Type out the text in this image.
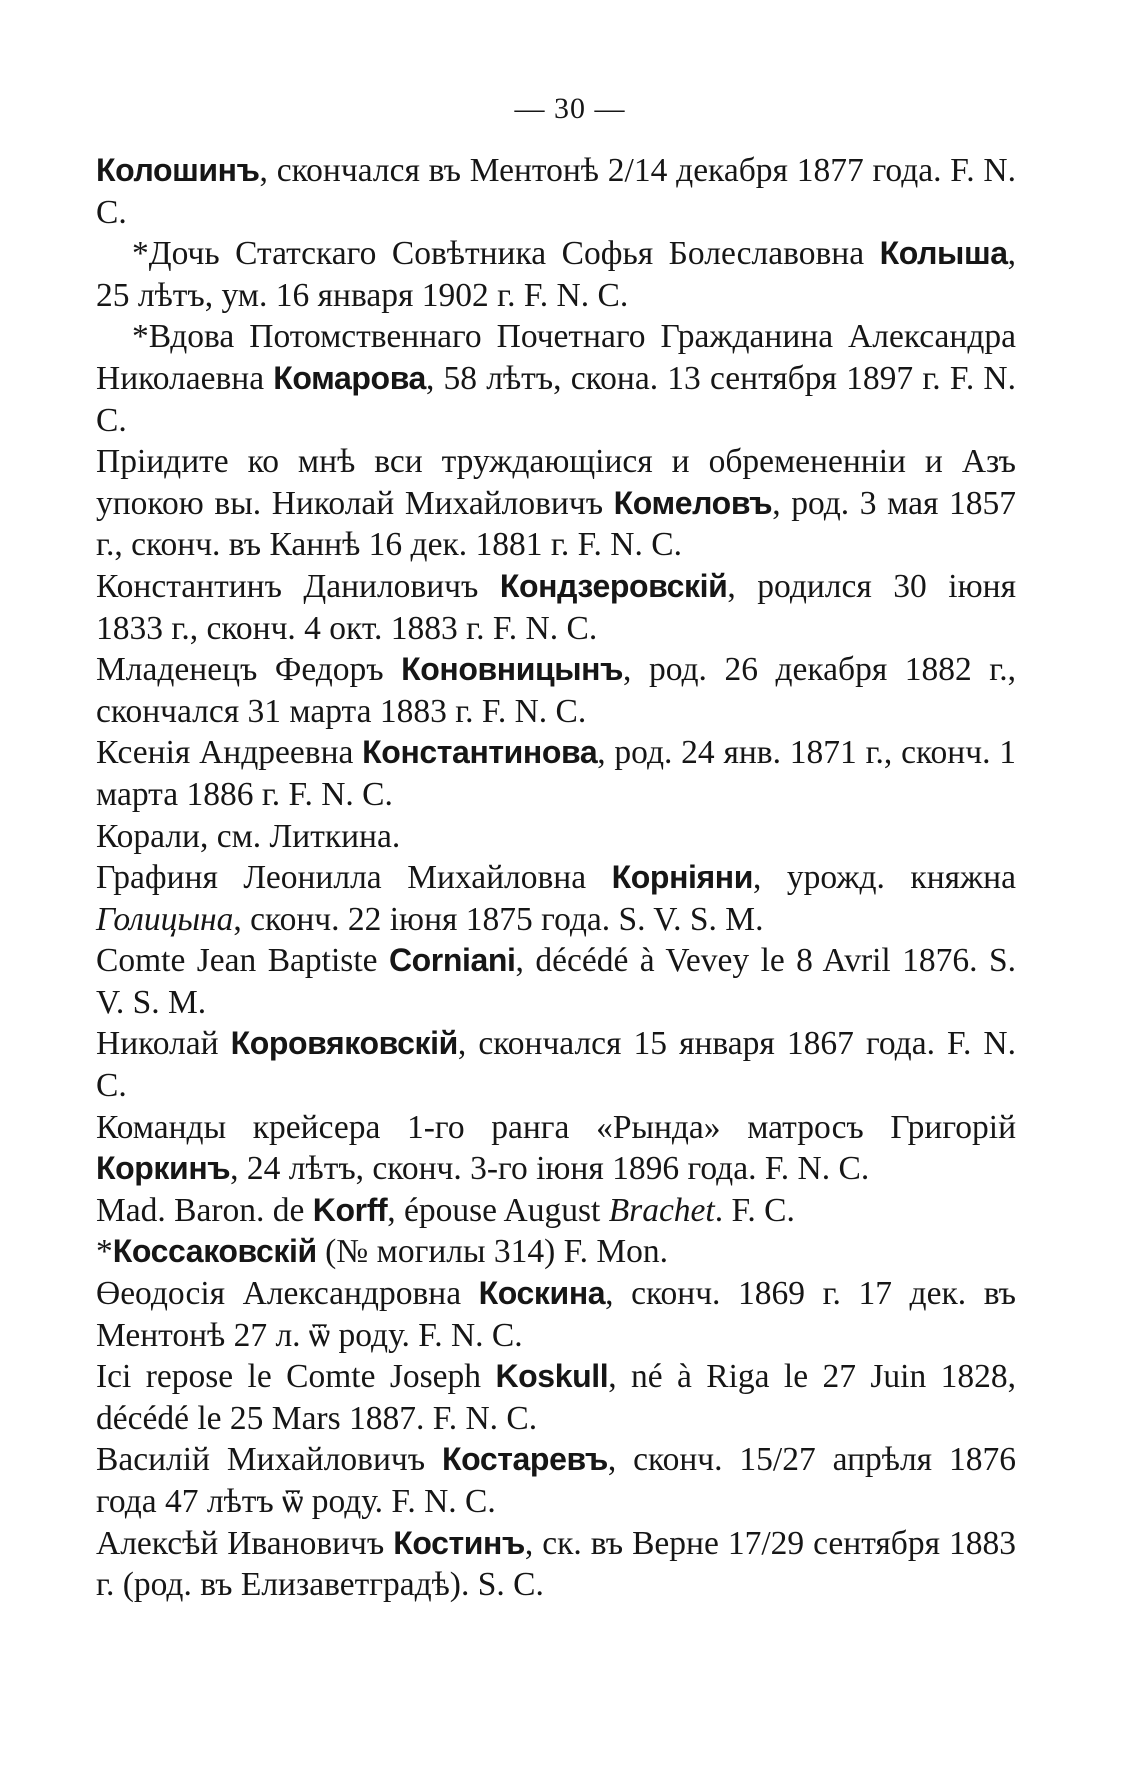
— 30 —

Колошинъ, скончался въ Ментонѣ 2/14 декабря 1877 года. F. N. C.

*Дочь Статскаго Совѣтника Софья Болеславовна Колыша, 25 лѣтъ, ум. 16 января 1902 г. F. N. C.

*Вдова Потомственнаго Почетнаго Гражданина Александра Николаевна Комарова, 58 лѣтъ, скона. 13 сентября 1897 г. F. N. C.

Пріидите ко мнѣ вси труждающіися и обремененніи и Азъ упокою вы. Николай Михайловичъ Комеловъ, род. 3 мая 1857 г., сконч. въ Каннѣ 16 дек. 1881 г. F. N. C.

Константинъ Даниловичъ Кондзеровскій, родился 30 іюня 1833 г., сконч. 4 окт. 1883 г. F. N. C.

Младенецъ Федоръ Коновницынъ, род. 26 декабря 1882 г., скончался 31 марта 1883 г. F. N. C.

Ксенія Андреевна Константинова, род. 24 янв. 1871 г., сконч. 1 марта 1886 г. F. N. C.

Корали, см. Литкина.

Графиня Леонилла Михайловна Корніяни, урожд. княжна Голицына, сконч. 22 іюня 1875 года. S. V. S. M.

Comte Jean Baptiste Corniani, décédé à Vevey le 8 Avril 1876. S. V. S. M.

Николай Коровяковскій, скончался 15 января 1867 года. F. N. C.

Команды крейсера 1-го ранга «Рында» матросъ Григорій Коркинъ, 24 лѣтъ, сконч. 3-го іюня 1896 года. F. N. C.

Mad. Baron. de Korff, épouse August Brachet. F. C.

*Коссаковскій (№ могилы 314) F. Mon.

Өеодосія Александровна Коскина, сконч. 1869 г. 17 дек. въ Ментонѣ 27 л. ѿ роду. F. N. C.

Ici repose le Comte Joseph Koskull, né à Riga le 27 Juin 1828, décédé le 25 Mars 1887. F. N. C.

Василій Михайловичъ Костаревъ, сконч. 15/27 апрѣля 1876 года 47 лѣтъ ѿ роду. F. N. C.

Алексѣй Ивановичъ Костинъ, ск. въ Верне 17/29 сентября 1883 г. (род. въ Елизаветградѣ). S. C.
